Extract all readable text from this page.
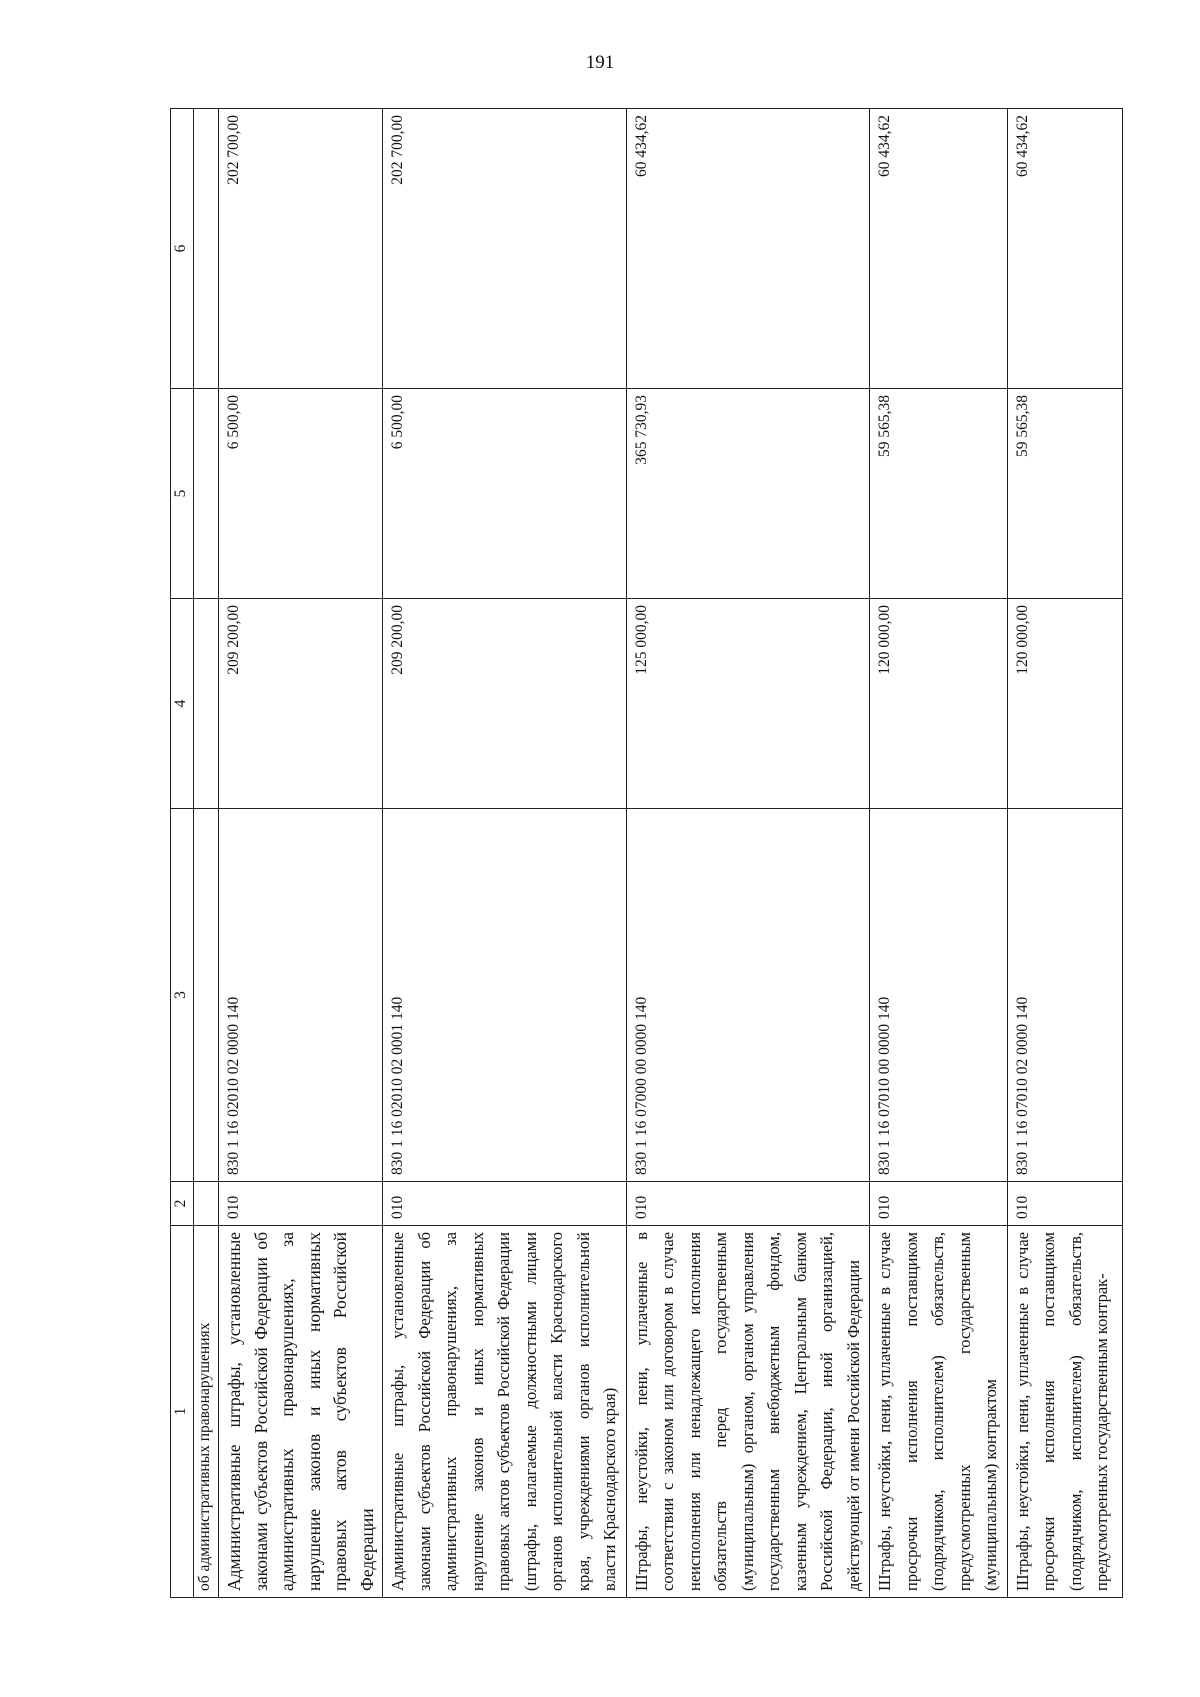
191
1	2	3	4	5	6
об административных правонарушениях					
Административные штрафы, установленные законами субъектов Российской Федерации об административных правонарушениях, за нарушение законов и иных нормативных правовых актов субъектов Российской Федерации	010	830 1 16 02010 02 0000 140	209 200,00	6 500,00	202 700,00
Административные штрафы, установленные законами субъектов Российской Федерации об административных правонарушениях, за нарушение законов и иных нормативных правовых актов субъектов Российской Федерации (штрафы, налагаемые должностными лицами органов исполнительной власти Краснодарского края, учреждениями органов исполнительной власти Краснодарского края)	010	830 1 16 02010 02 0001 140	209 200,00	6 500,00	202 700,00
Штрафы, неустойки, пени, уплаченные в соответствии с законом или договором в случае неисполнения или ненадлежащего исполнения обязательств перед государственным (муниципальным) органом, органом управления государственным внебюджетным фондом, казенным учреждением, Центральным банком Российской Федерации, иной организацией, действующей от имени Российской Федерации	010	830 1 16 07000 00 0000 140	125 000,00	365 730,93	60 434,62
Штрафы, неустойки, пени, уплаченные в случае просрочки исполнения поставщиком (подрядчиком, исполнителем) обязательств, предусмотренных государственным (муниципальным) контрактом	010	830 1 16 07010 00 0000 140	120 000,00	59 565,38	60 434,62
Штрафы, неустойки, пени, уплаченные в случае просрочки исполнения поставщиком (подрядчиком, исполнителем) обязательств, предусмотренных государственным контрак-	010	830 1 16 07010 02 0000 140	120 000,00	59 565,38	60 434,62
